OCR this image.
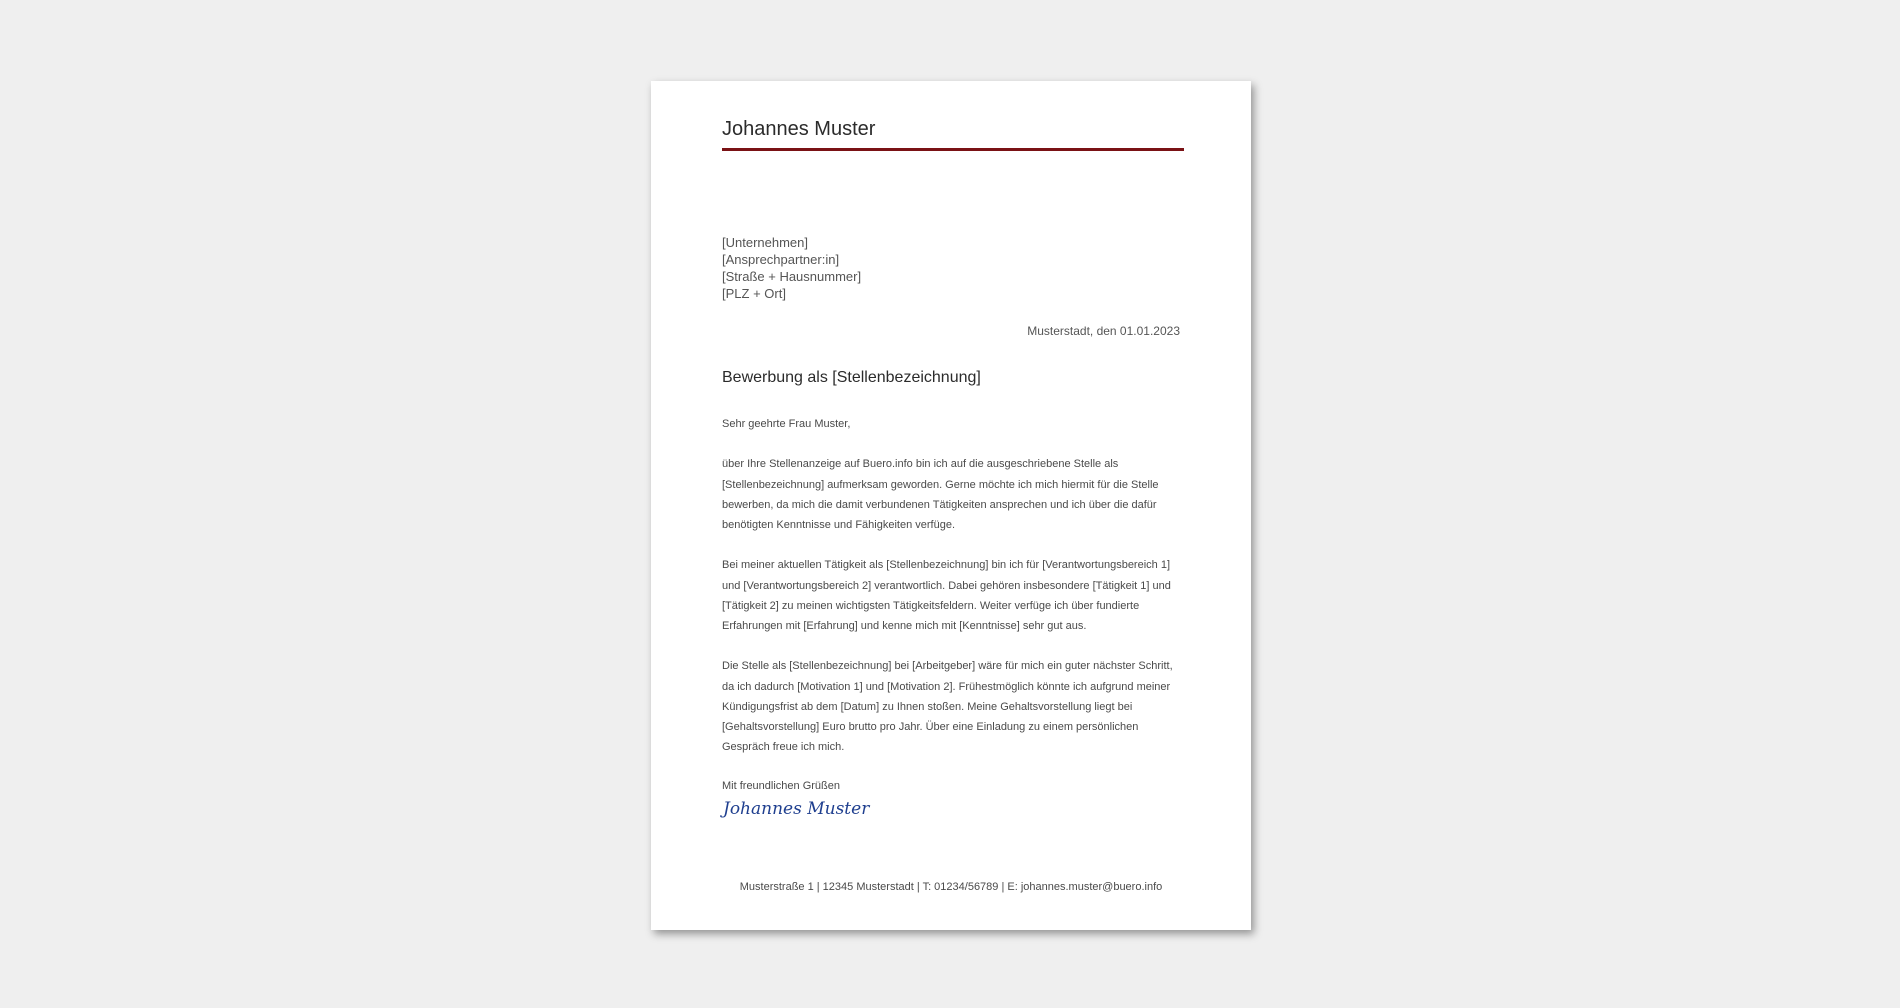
Johannes Muster
[Unternehmen]
[Ansprechpartner:in]
[Straße + Hausnummer]
[PLZ + Ort]
Musterstadt, den 01.01.2023
Bewerbung als [Stellenbezeichnung]

Sehr geehrte Frau Muster,

über Ihre Stellenanzeige auf Buero.info bin ich auf die ausgeschriebene Stelle als [Stellenbezeichnung] aufmerksam geworden. Gerne möchte ich mich hiermit für die Stelle bewerben, da mich die damit verbundenen Tätigkeiten ansprechen und ich über die dafür benötigten Kenntnisse und Fähigkeiten verfüge.

Bei meiner aktuellen Tätigkeit als [Stellenbezeichnung] bin ich für [Verantwortungsbereich 1] und [Verantwortungsbereich 2] verantwortlich. Dabei gehören insbesondere [Tätigkeit 1] und [Tätigkeit 2] zu meinen wichtigsten Tätigkeitsfeldern. Weiter verfüge ich über fundierte Erfahrungen mit [Erfahrung] und kenne mich mit [Kenntnisse] sehr gut aus.

Die Stelle als [Stellenbezeichnung] bei [Arbeitgeber] wäre für mich ein guter nächster Schritt, da ich dadurch [Motivation 1] und [Motivation 2]. Frühestmöglich könnte ich aufgrund meiner Kündigungsfrist ab dem [Datum] zu Ihnen stoßen. Meine Gehaltsvorstellung liegt bei [Gehaltsvorstellung] Euro brutto pro Jahr. Über eine Einladung zu einem persönlichen Gespräch freue ich mich.

Mit freundlichen Grüßen
Johannes Muster
Musterstraße 1 | 12345 Musterstadt | T: 01234/56789 | E: johannes.muster@buero.info
